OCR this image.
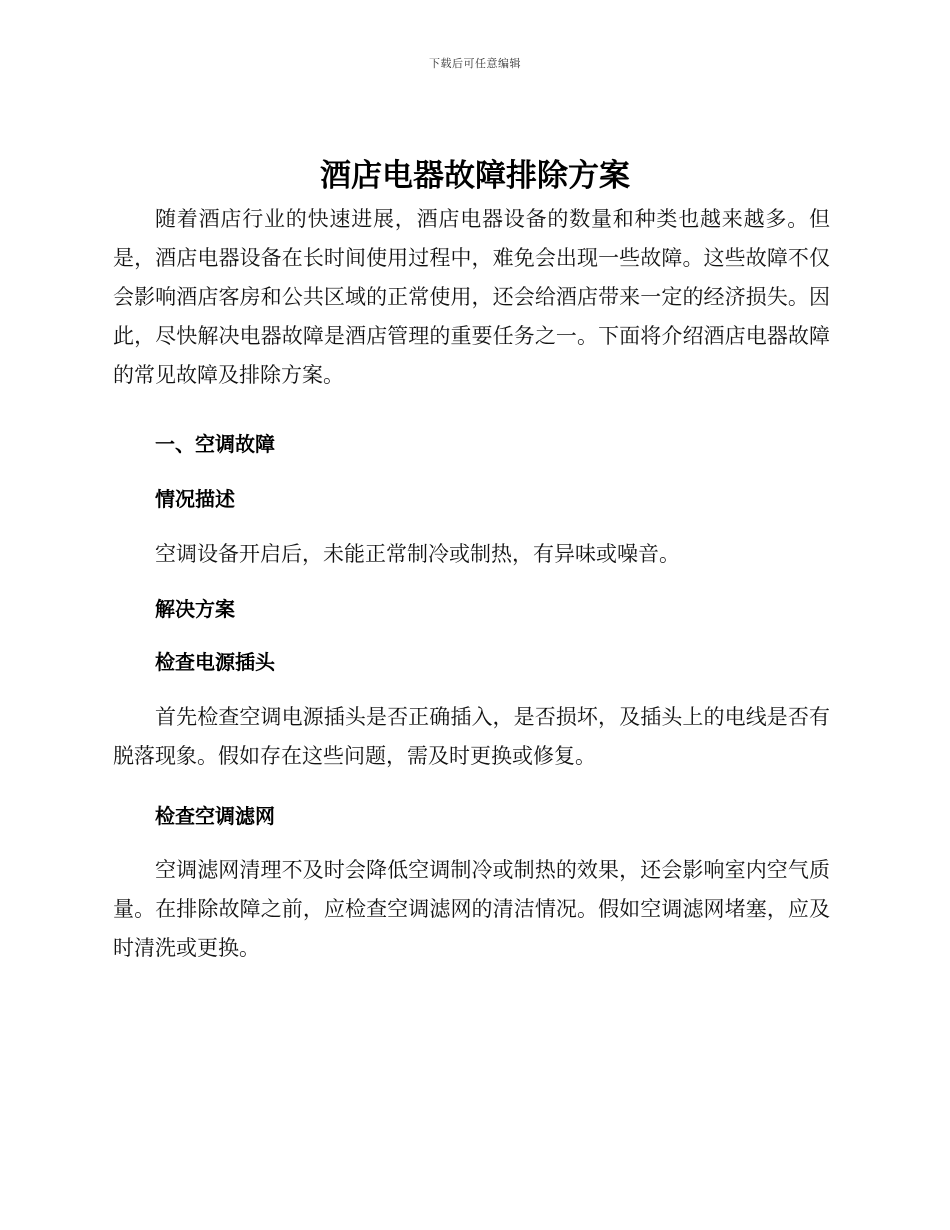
下载后可任意编辑
酒店电器故障排除方案

随着酒店行业的快速进展，酒店电器设备的数量和种类也越来越多。但是，酒店电器设备在长时间使用过程中，难免会出现一些故障。这些故障不仅会影响酒店客房和公共区域的正常使用，还会给酒店带来一定的经济损失。因此，尽快解决电器故障是酒店管理的重要任务之一。下面将介绍酒店电器故障的常见故障及排除方案。

一、空调故障
情况描述

空调设备开启后，未能正常制冷或制热，有异味或噪音。

解决方案
检查电源插头

首先检查空调电源插头是否正确插入，是否损坏，及插头上的电线是否有脱落现象。假如存在这些问题，需及时更换或修复。

检查空调滤网

空调滤网清理不及时会降低空调制冷或制热的效果，还会影响室内空气质量。在排除故障之前，应检查空调滤网的清洁情况。假如空调滤网堵塞，应及时清洗或更换。
